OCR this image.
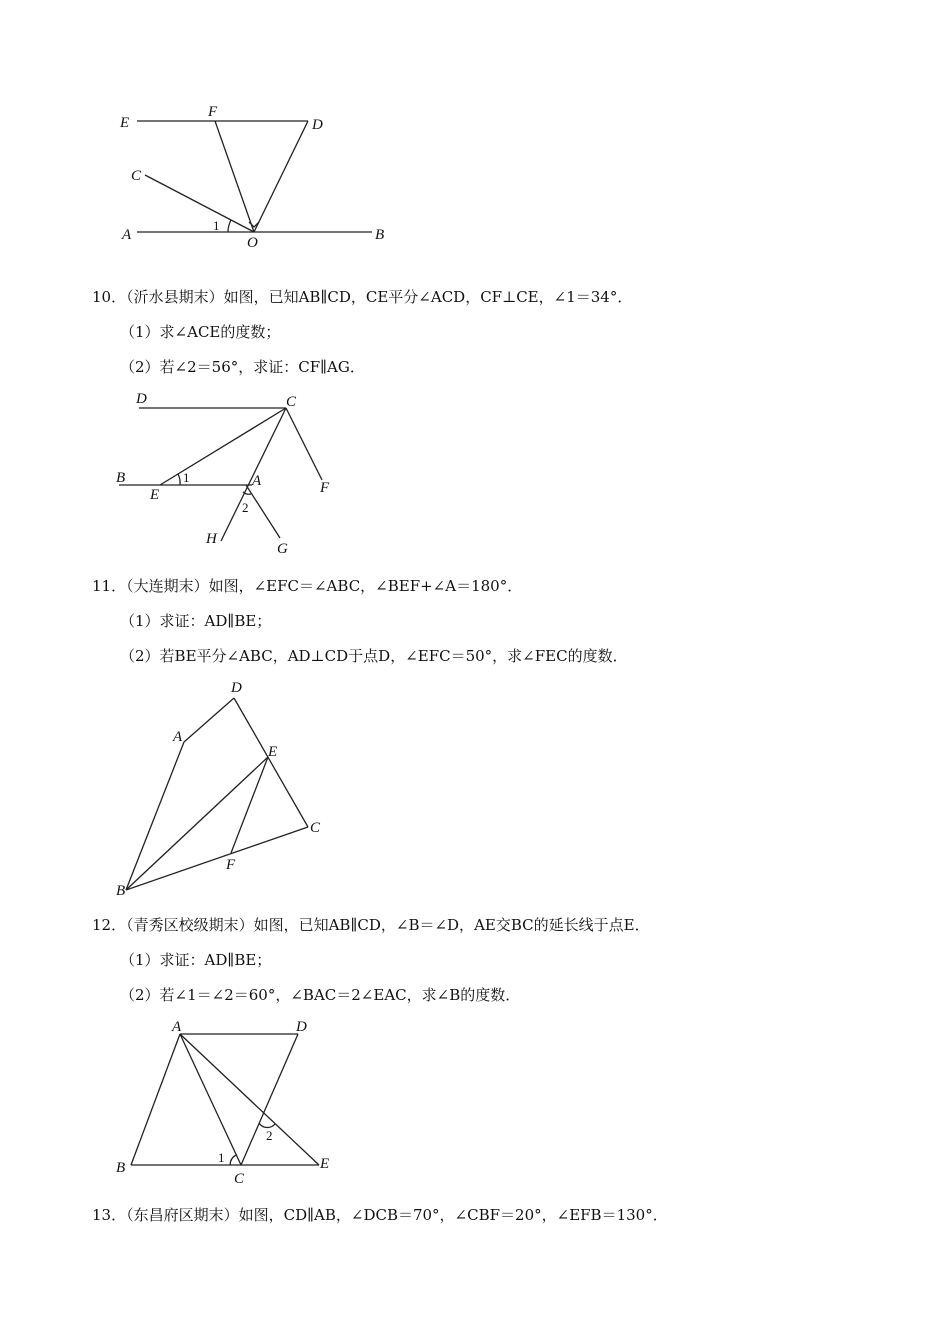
E
F
D
C
A	O	B
1
10．（沂水县期末）如图，已知AB∥CD，CE平分∠ACD，CF⊥CE，∠1＝34°．
（1）求∠ACE的度数；
（2）若∠2＝56°，求证：CF∥AG．
D	C
B
E
A	F
H
G
1
2
11．（大连期末）如图，∠EFC＝∠ABC，∠BEF+∠A＝180°．
（1）求证：AD∥BE；
（2）若BE平分∠ABC，AD⊥CD于点D，∠EFC＝50°，求∠FEC的度数．
D
A
E
C
F
B
12．（青秀区校级期末）如图，已知AB∥CD，∠B＝∠D，AE交BC的延长线于点E．
（1）求证：AD∥BE；
（2）若∠1＝∠2＝60°，∠BAC＝2∠EAC，求∠B的度数．
A	D
B
C
E
1
2
13．（东昌府区期末）如图，CD∥AB，∠DCB＝70°，∠CBF＝20°，∠EFB＝130°．
